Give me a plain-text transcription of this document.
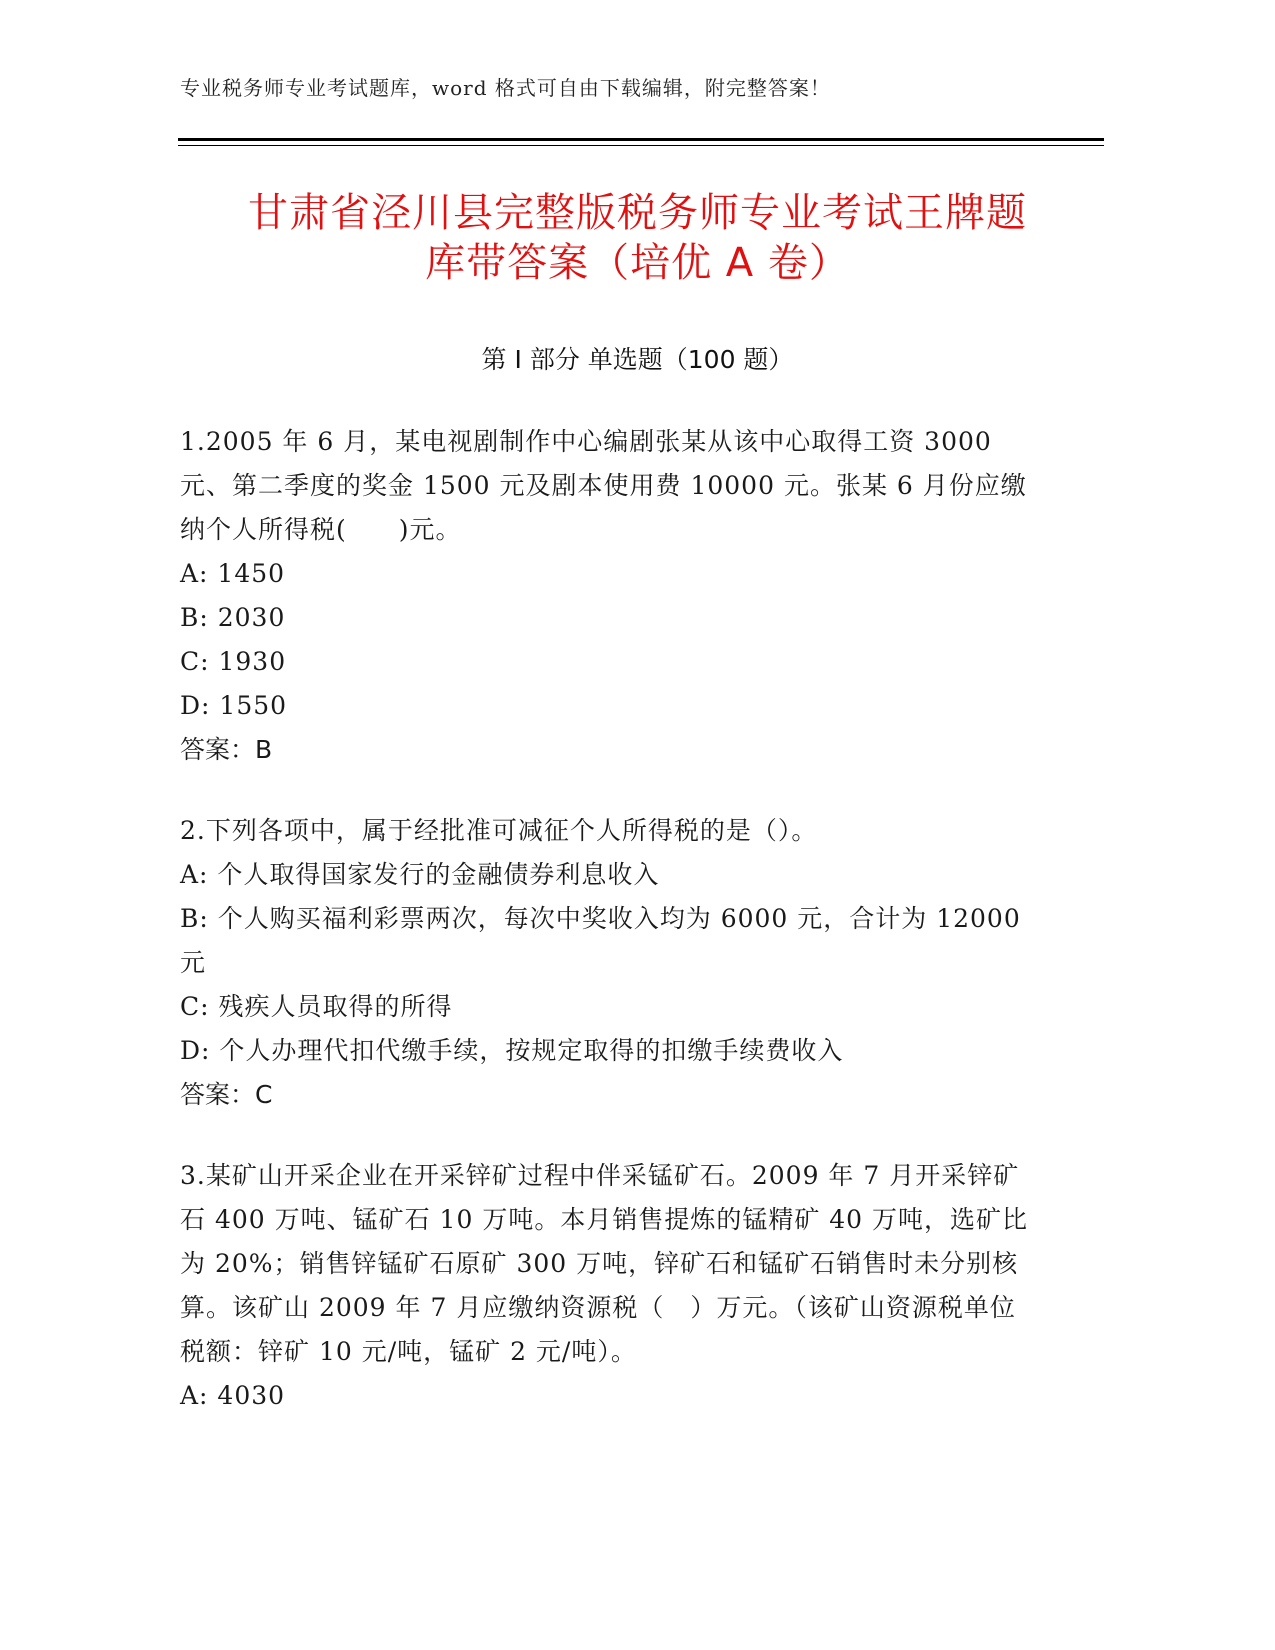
专业税务师专业考试题库，word 格式可自由下载编辑，附完整答案！
甘肃省泾川县完整版税务师专业考试王牌题
库带答案（培优 A 卷）
第 I 部分 单选题（100 题）

1.2005 年 6 月，某电视剧制作中心编剧张某从该中心取得工资 3000 元、第二季度的奖金 1500 元及剧本使用费 10000 元。张某 6 月份应缴纳个人所得税(　　)元。

A: 1450

B: 2030

C: 1930

D: 1550

答案：B

2.下列各项中，属于经批准可减征个人所得税的是（）。

A: 个人取得国家发行的金融债券利息收入

B: 个人购买福利彩票两次，每次中奖收入均为 6000 元，合计为 12000 元

C: 残疾人员取得的所得

D: 个人办理代扣代缴手续，按规定取得的扣缴手续费收入

答案：C

3.某矿山开采企业在开采锌矿过程中伴采锰矿石。2009 年 7 月开采锌矿石 400 万吨、锰矿石 10 万吨。本月销售提炼的锰精矿 40 万吨，选矿比为 20%；销售锌锰矿石原矿 300 万吨，锌矿石和锰矿石销售时未分别核算。该矿山 2009 年 7 月应缴纳资源税（　）万元。（该矿山资源税单位税额：锌矿 10 元/吨，锰矿 2 元/吨）。

A: 4030
